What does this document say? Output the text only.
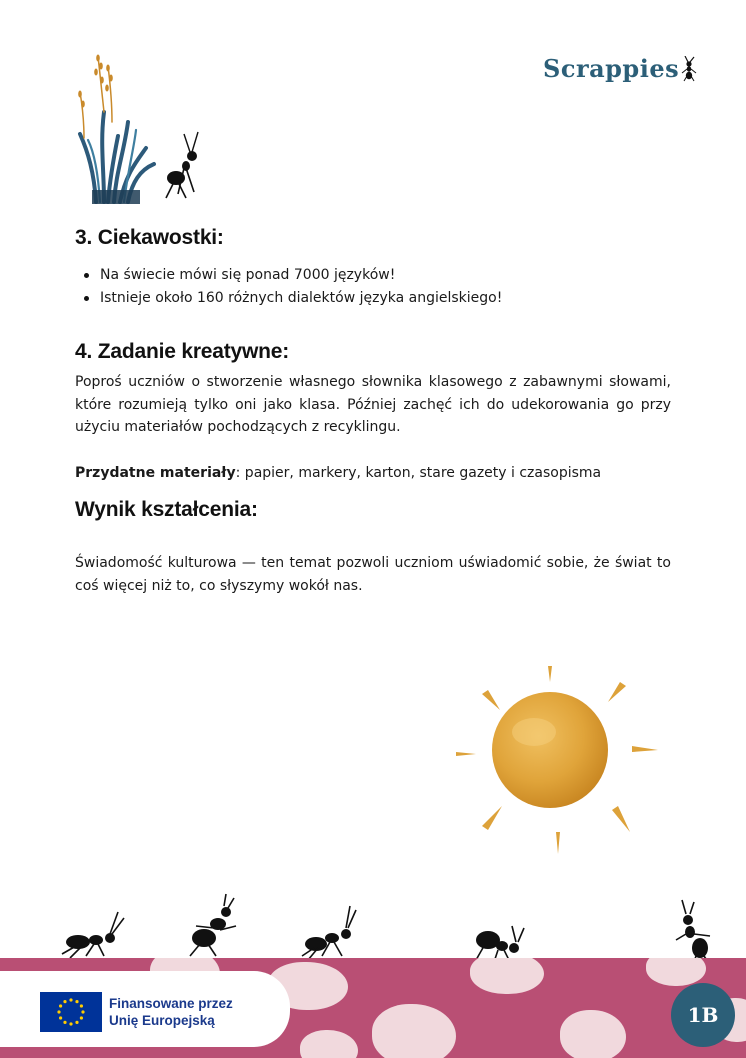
Scrappies
3. Ciekawostki:
Na świecie mówi się ponad 7000 języków!
Istnieje około 160 różnych dialektów języka angielskiego!
4. Zadanie kreatywne:

Poproś uczniów o stworzenie własnego słownika klasowego z zabawnymi słowami, które rozumieją tylko oni jako klasa. Później zachęć ich do udekorowania go przy użyciu materiałów pochodzących z recyklingu.

Przydatne materiały: papier, markery, karton, stare gazety i czasopisma
Wynik kształcenia:

Świadomość kulturowa — ten temat pozwoli uczniom uświadomić sobie, że świat to coś więcej niż to, co słyszymy wokół nas.

Finansowane przez
Unię Europejską	1B
